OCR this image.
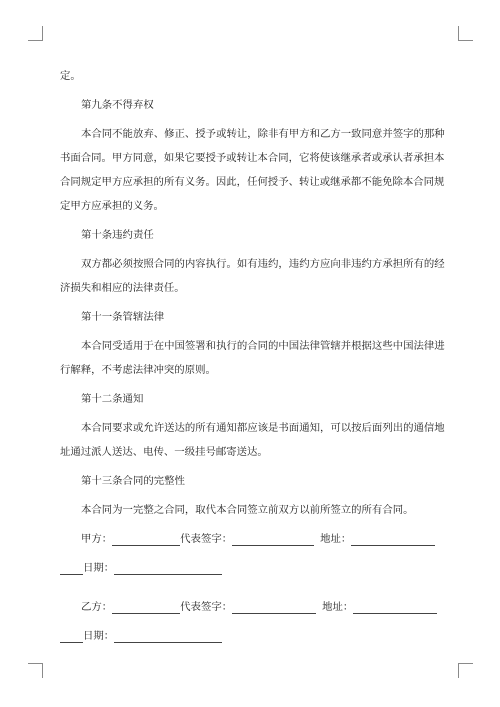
定。
第九条不得弃权
本合同不能放弃、修正、授予或转让，除非有甲方和乙方一致同意并签字的那种
书面合同。甲方同意，如果它要授予或转让本合同，它将使该继承者或承认者承担本
合同规定甲方应承担的所有义务。因此，任何授予、转让或继承都不能免除本合同规
定甲方应承担的义务。
第十条违约责任
双方都必须按照合同的内容执行。如有违约，违约方应向非违约方承担所有的经
济损失和相应的法律责任。
第十一条管辖法律
本合同受适用于在中国签署和执行的合同的中国法律管辖并根据这些中国法律进
行解释，不考虑法律冲突的原则。
第十二条通知
本合同要求或允许送达的所有通知都应该是书面通知，可以按后面列出的通信地
址通过派人送达、电传、一级挂号邮寄送达。
第十三条合同的完整性
本合同为一完整之合同，取代本合同签立前双方以前所签立的所有合同。
甲方：	代表签字：	地址：
日期：
乙方：	代表签字：	地址：
日期：
